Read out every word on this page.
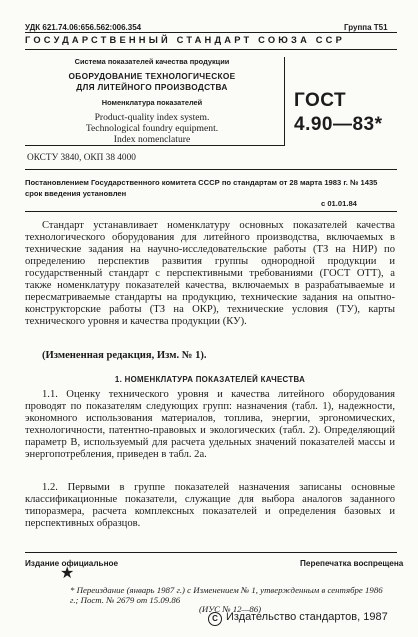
УДК 621.74.06:656.562:006.354	Группа Т51
ГОСУДАРСТВЕННЫЙ СТАНДАРТ СОЮЗА ССР
Система показателей качества продукции
ОБОРУДОВАНИЕ ТЕХНОЛОГИЧЕСКОЕ
ДЛЯ ЛИТЕЙНОГО ПРОИЗВОДСТВА
Номенклатура показателей
Product-quality index system.
Technological foundry equipment.
Index nomenclature
ГОСТ
4.90—83*
ОКСТУ 3840, ОКП 38 4000
Постановлением Государственного комитета СССР по стандартам от 28 марта 1983 г. № 1435 срок введения установлен
с 01.01.84
Стандарт устанавливает номенклатуру основных показателей качества технологического оборудования для литейного производства, включаемых в технические задания на научно-исследовательские работы (ТЗ на НИР) по определению перспектив развития группы однородной продукции и государственный стандарт с перспективными требованиями (ГОСТ ОТТ), а также номенклатуру показателей качества, включаемых в разрабатываемые и пересматриваемые стандарты на продукцию, технические задания на опытно-конструкторские работы (ТЗ на ОКР), технические условия (ТУ), карты технического уровня и качества продукции (КУ).
(Измененная редакция, Изм. № 1).
1. НОМЕНКЛАТУРА ПОКАЗАТЕЛЕЙ КАЧЕСТВА
1.1. Оценку технического уровня и качества литейного оборудования проводят по показателям следующих групп: назначения (табл. 1), надежности, экономного использования материалов, топлива, энергии, эргономических, технологичности, патентно-правовых и экологических (табл. 2). Определяющий параметр В, используемый для расчета удельных значений показателей массы и энергопотребления, приведен в табл. 2а.
1.2. Первыми в группе показателей назначения записаны основные классификационные показатели, служащие для выбора аналогов заданного типоразмера, расчета комплексных показателей и определения базовых и перспективных образцов.
Издание официальное	Перепечатка воспрещена
★
* Переиздание (январь 1987 г.) с Изменением № 1, утвержденным в сентябре 1986 г.; Пост. № 2679 от 15.09.86
(ИУС № 12—86)
С Издательство стандартов, 1987
